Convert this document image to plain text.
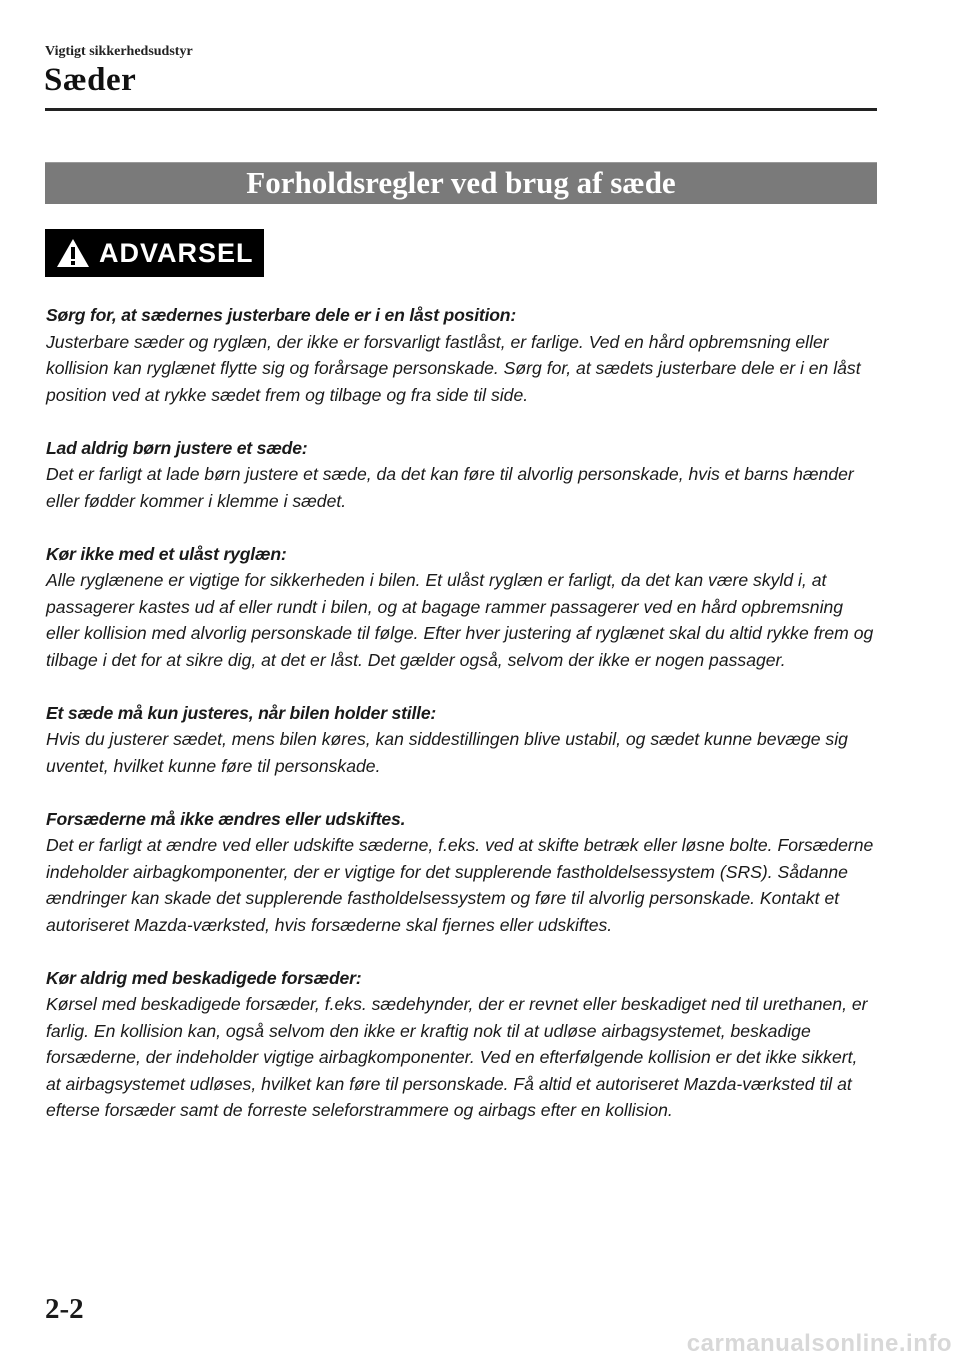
Vigtigt sikkerhedsudstyr
Sæder
Forholdsregler ved brug af sæde
ADVARSEL
Sørg for, at sædernes justerbare dele er i en låst position:
Justerbare sæder og ryglæn, der ikke er forsvarligt fastlåst, er farlige. Ved en hård opbremsning eller kollision kan ryglænet flytte sig og forårsage personskade. Sørg for, at sædets justerbare dele er i en låst position ved at rykke sædet frem og tilbage og fra side til side.
Lad aldrig børn justere et sæde:
Det er farligt at lade børn justere et sæde, da det kan føre til alvorlig personskade, hvis et barns hænder eller fødder kommer i klemme i sædet.
Kør ikke med et ulåst ryglæn:
Alle ryglænene er vigtige for sikkerheden i bilen. Et ulåst ryglæn er farligt, da det kan være skyld i, at passagerer kastes ud af eller rundt i bilen, og at bagage rammer passagerer ved en hård opbremsning eller kollision med alvorlig personskade til følge. Efter hver justering af ryglænet skal du altid rykke frem og tilbage i det for at sikre dig, at det er låst. Det gælder også, selvom der ikke er nogen passager.
Et sæde må kun justeres, når bilen holder stille:
Hvis du justerer sædet, mens bilen køres, kan siddestillingen blive ustabil, og sædet kunne bevæge sig uventet, hvilket kunne føre til personskade.
Forsæderne må ikke ændres eller udskiftes.
Det er farligt at ændre ved eller udskifte sæderne, f.eks. ved at skifte betræk eller løsne bolte. Forsæderne indeholder airbagkomponenter, der er vigtige for det supplerende fastholdelsessystem (SRS). Sådanne ændringer kan skade det supplerende fastholdelsessystem og føre til alvorlig personskade. Kontakt et autoriseret Mazda-værksted, hvis forsæderne skal fjernes eller udskiftes.
Kør aldrig med beskadigede forsæder:
Kørsel med beskadigede forsæder, f.eks. sædehynder, der er revnet eller beskadiget ned til urethanen, er farlig. En kollision kan, også selvom den ikke er kraftig nok til at udløse airbagsystemet, beskadige forsæderne, der indeholder vigtige airbagkomponenter. Ved en efterfølgende kollision er det ikke sikkert, at airbagsystemet udløses, hvilket kan føre til personskade. Få altid et autoriseret Mazda-værksted til at efterse forsæder samt de forreste seleforstrammere og airbags efter en kollision.
2-2
carmanualsonline.info
